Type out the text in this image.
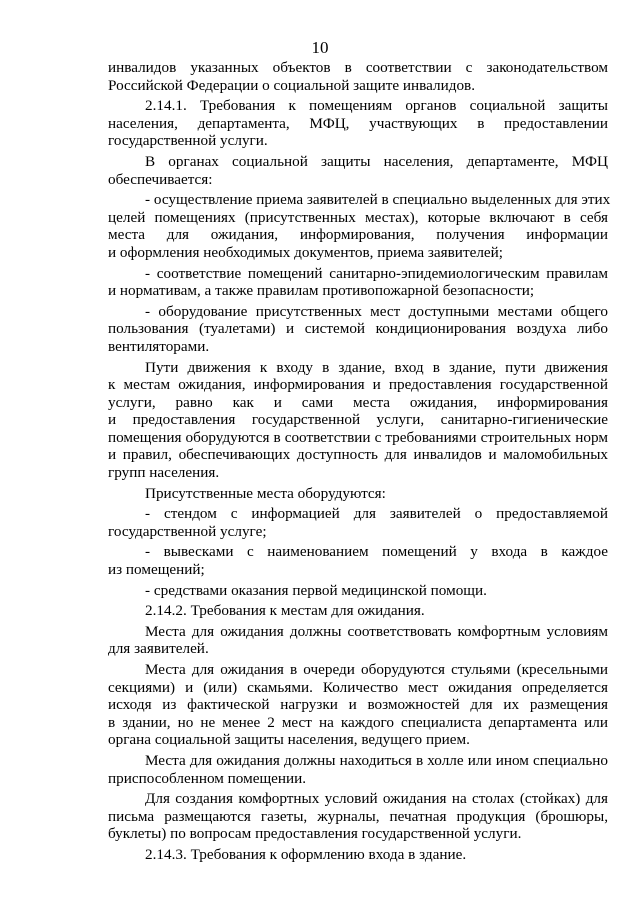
10
инвалидов указанных объектов в соответствии с законодательством
Российской Федерации о социальной защите инвалидов.
2.14.1. Требования к помещениям органов социальной защиты
населения, департамента, МФЦ, участвующих в предоставлении
государственной услуги.
В органах социальной защиты населения, департаменте, МФЦ
обеспечивается:
- осуществление приема заявителей в специально выделенных для этих
целей помещениях (присутственных местах), которые включают в себя
места для ожидания, информирования, получения информации
и оформления необходимых документов, приема заявителей;
- соответствие помещений санитарно-эпидемиологическим правилам
и нормативам, а также правилам противопожарной безопасности;
- оборудование присутственных мест доступными местами общего
пользования (туалетами) и системой кондиционирования воздуха либо
вентиляторами.
Пути движения к входу в здание, вход в здание, пути движения
к местам ожидания, информирования и предоставления государственной
услуги, равно как и сами места ожидания, информирования
и предоставления государственной услуги, санитарно-гигиенические
помещения оборудуются в соответствии с требованиями строительных норм
и правил, обеспечивающих доступность для инвалидов и маломобильных
групп населения.
Присутственные места оборудуются:
- стендом с информацией для заявителей о предоставляемой
государственной услуге;
- вывесками с наименованием помещений у входа в каждое
из помещений;
- средствами оказания первой медицинской помощи.
2.14.2. Требования к местам для ожидания.
Места для ожидания должны соответствовать комфортным условиям
для заявителей.
Места для ожидания в очереди оборудуются стульями (кресельными
секциями) и (или) скамьями. Количество мест ожидания определяется
исходя из фактической нагрузки и возможностей для их размещения
в здании, но не менее 2 мест на каждого специалиста департамента или
органа социальной защиты населения, ведущего прием.
Места для ожидания должны находиться в холле или ином специально
приспособленном помещении.
Для создания комфортных условий ожидания на столах (стойках) для
письма размещаются газеты, журналы, печатная продукция (брошюры,
буклеты) по вопросам предоставления государственной услуги.
2.14.3. Требования к оформлению входа в здание.
